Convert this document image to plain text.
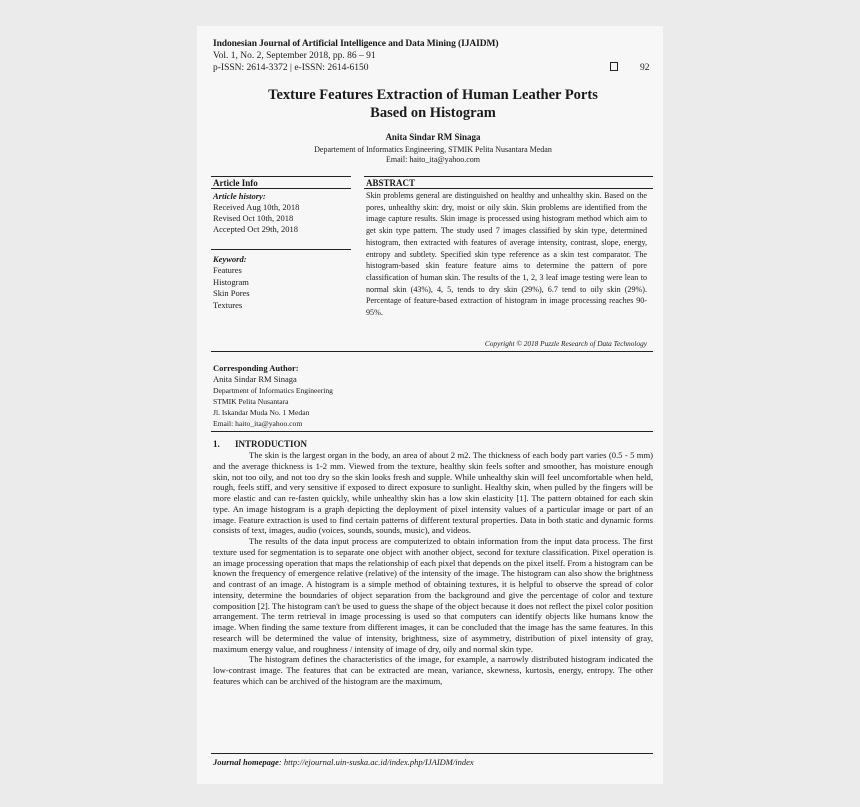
Indonesian Journal of Artificial Intelligence and Data Mining (IJAIDM)
Vol. 1, No. 2, September 2018, pp. 86 – 91
p-ISSN: 2614-3372 | e-ISSN: 2614-6150	92
Texture Features Extraction of Human Leather Ports
Based on Histogram
Anita Sindar RM Sinaga
Departement of Informatics Engineering, STMIK Pelita Nusantara Medan
Email: haito_ita@yahoo.com
Article Info
Article history:
Received Aug 10th, 2018
Revised Oct 10th, 2018
Accepted Oct 29th, 2018
Keyword:
Features
Histogram
Skin Pores
Textures
ABSTRACT
Skin problems general are distinguished on healthy and unhealthy skin. Based on the pores, unhealthy skin: dry, moist or oily skin. Skin problems are identified from the image capture results. Skin image is processed using histogram method which aim to get skin type pattern. The study used 7 images classified by skin type, determined histogram, then extracted with features of average intensity, contrast, slope, energy, entropy and subtlety. Specified skin type reference as a skin test comparator. The histogram-based skin feature feature aims to determine the pattern of pore classification of human skin. The results of the 1, 2, 3 leaf image testing were lean to normal skin (43%), 4, 5, tends to dry skin (29%), 6.7 tend to oily skin (29%). Percentage of feature-based extraction of histogram in image processing reaches 90-95%.
Copyright © 2018 Puzzle Research of Data Technology
Corresponding Author:
Anita Sindar RM Sinaga
Department of Informatics Engineering
STMIK Pelita Nusantara
Jl. Iskandar Muda No. 1 Medan
Email: haito_ita@yahoo.com
1. INTRODUCTION

The skin is the largest organ in the body, an area of about 2 m2. The thickness of each body part varies (0.5 - 5 mm) and the average thickness is 1-2 mm. Viewed from the texture, healthy skin feels softer and smoother, has moisture enough skin, not too oily, and not too dry so the skin looks fresh and supple. While unhealthy skin will feel uncomfortable when held, rough, feels stiff, and very sensitive if exposed to direct exposure to sunlight. Healthy skin, when pulled by the fingers will be more elastic and can re-fasten quickly, while unhealthy skin has a low skin elasticity [1]. The pattern obtained for each skin type. An image histogram is a graph depicting the deployment of pixel intensity values of a particular image or part of an image. Feature extraction is used to find certain patterns of different textural properties. Data in both static and dynamic forms consists of text, images, audio (voices, sounds, sounds, music), and videos.

The results of the data input process are computerized to obtain information from the input data process. The first texture used for segmentation is to separate one object with another object, second for texture classification. Pixel operation is an image processing operation that maps the relationship of each pixel that depends on the pixel itself. From a histogram can be known the frequency of emergence relative (relative) of the intensity of the image. The histogram can also show the brightness and contrast of an image. A histogram is a simple method of obtaining textures, it is helpful to observe the spread of color intensity, determine the boundaries of object separation from the background and give the percentage of color and texture composition [2]. The histogram can't be used to guess the shape of the object because it does not reflect the pixel color position arrangement. The term retrieval in image processing is used so that computers can identify objects like humans know the image. When finding the same texture from different images, it can be concluded that the image has the same features. In this research will be determined the value of intensity, brightness, size of asymmetry, distribution of pixel intensity of gray, maximum energy value, and roughness / intensity of image of dry, oily and normal skin type.

The histogram defines the characteristics of the image, for example, a narrowly distributed histogram indicated the low-contrast image. The features that can be extracted are mean, variance, skewness, kurtosis, energy, entropy. The other features which can be archived of the histogram are the maximum,

Journal homepage: http://ejournal.uin-suska.ac.id/index.php/IJAIDM/index
